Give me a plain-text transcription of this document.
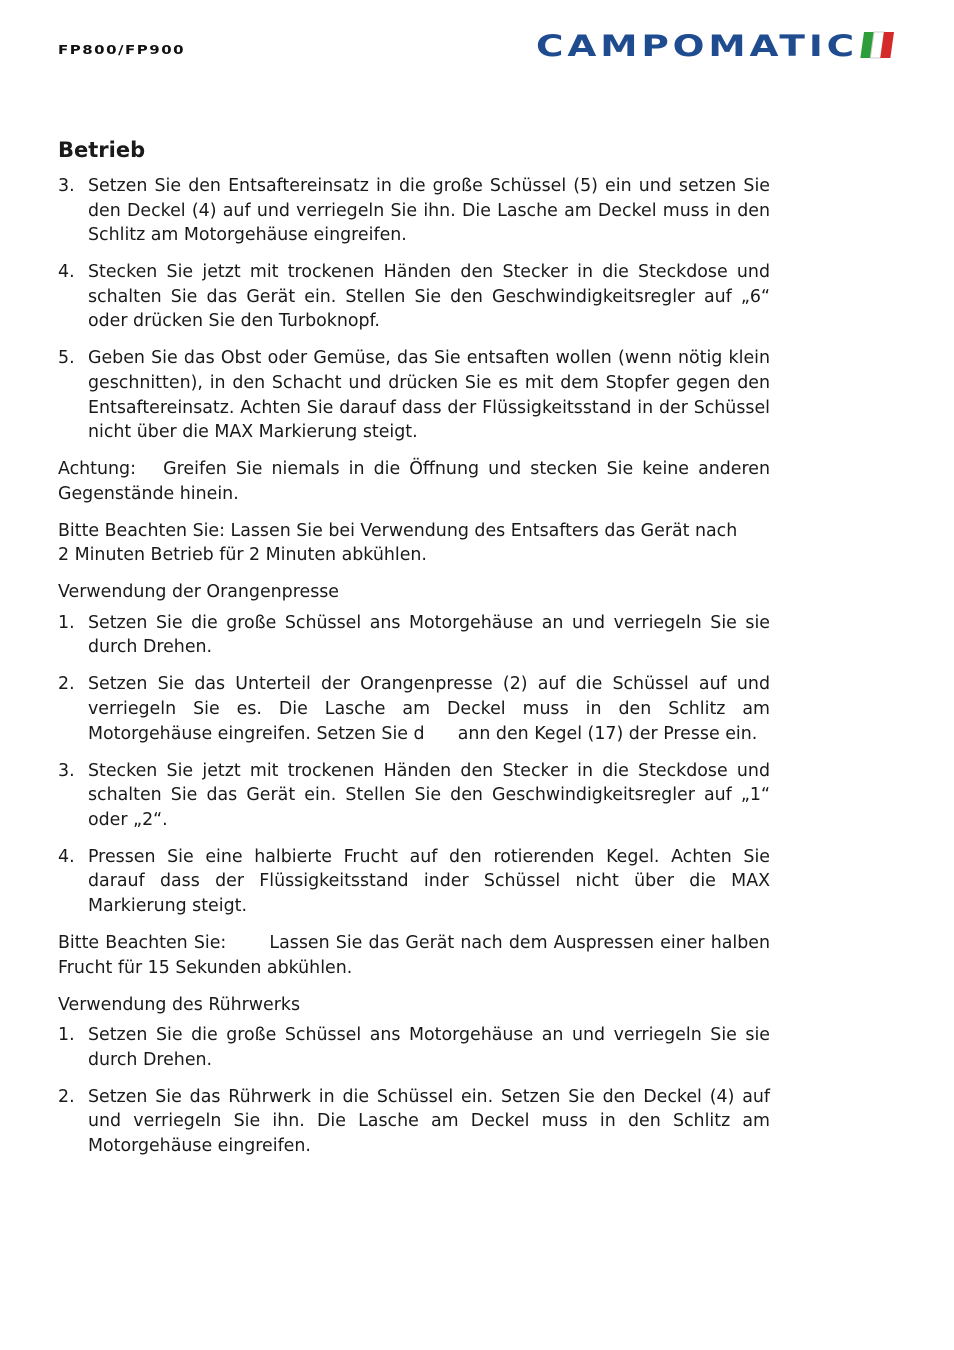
FP800/FP900	CAMPOMATIC
Betrieb
3. Setzen Sie den Entsaftereinsatz in die große Schüssel (5) ein und setzen Sie den Deckel (4) auf und verriegeln Sie ihn. Die Lasche am Deckel muss in den Schlitz am Motorgehäuse eingreifen.
4. Stecken Sie jetzt mit trockenen Händen den Stecker in die Steckdose und schalten Sie das Gerät ein. Stellen Sie den Geschwindigkeitsregler auf „6“ oder drücken Sie den Turboknopf.
5. Geben Sie das Obst oder Gemüse, das Sie entsaften wollen (wenn nötig klein geschnitten), in den Schacht und drücken Sie es mit dem Stopfer gegen den Entsaftereinsatz. Achten Sie darauf dass der Flüssigkeitsstand in der Schüssel nicht über die MAX Markierung steigt.
Achtung:   Greifen Sie niemals in die Öffnung und stecken Sie keine anderen Gegenstände hinein.
Bitte Beachten Sie: Lassen Sie bei Verwendung des Entsafters das Gerät nach
2 Minuten Betrieb für 2 Minuten abkühlen.
Verwendung der Orangenpresse
1. Setzen Sie die große Schüssel ans Motorgehäuse an und verriegeln Sie sie durch Drehen.
2. Setzen Sie das Unterteil der Orangenpresse (2) auf die Schüssel auf und verriegeln Sie es. Die Lasche am Deckel muss in den Schlitz am Motorgehäuse eingreifen. Setzen Sie d      ann den Kegel (17) der Presse ein.
3. Stecken Sie jetzt mit trockenen Händen den Stecker in die Steckdose und schalten Sie das Gerät ein. Stellen Sie den Geschwindigkeitsregler auf „1“ oder „2“.
4. Pressen Sie eine halbierte Frucht auf den rotierenden Kegel. Achten Sie darauf dass der Flüssigkeitsstand inder Schüssel nicht über die MAX Markierung steigt.
Bitte Beachten Sie:       Lassen Sie das Gerät nach dem Auspressen einer halben Frucht für 15 Sekunden abkühlen.
Verwendung des Rührwerks
1. Setzen Sie die große Schüssel ans Motorgehäuse an und verriegeln Sie sie durch Drehen.
2. Setzen Sie das Rührwerk in die Schüssel ein. Setzen Sie den Deckel (4) auf und verriegeln Sie ihn. Die Lasche am Deckel muss in den Schlitz am Motorgehäuse eingreifen.
